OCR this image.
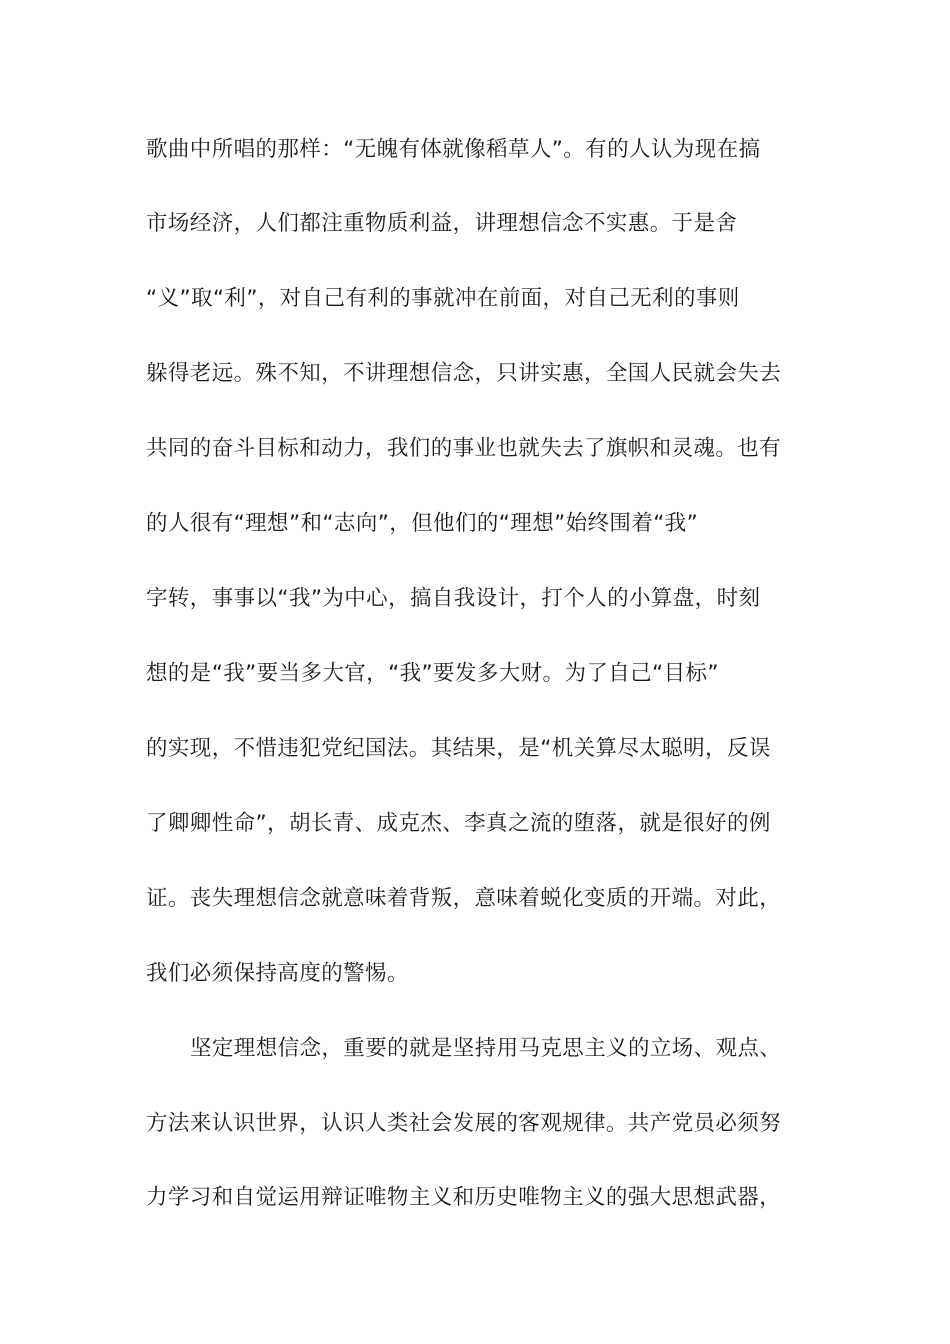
歌曲中所唱的那样：“无魄有体就像稻草人”。有的人认为现在搞
市场经济，人们都注重物质利益，讲理想信念不实惠。于是舍
“义”取“利”，对自己有利的事就冲在前面，对自己无利的事则
躲得老远。殊不知，不讲理想信念，只讲实惠，全国人民就会失去
共同的奋斗目标和动力，我们的事业也就失去了旗帜和灵魂。也有
的人很有“理想”和“志向”，但他们的“理想”始终围着“我”
字转，事事以“我”为中心，搞自我设计，打个人的小算盘，时刻
想的是“我”要当多大官，“我”要发多大财。为了自己“目标”
的实现，不惜违犯党纪国法。其结果，是“机关算尽太聪明，反误
了卿卿性命”，胡长青、成克杰、李真之流的堕落，就是很好的例
证。丧失理想信念就意味着背叛，意味着蜕化变质的开端。对此，
我们必须保持高度的警惕。
坚定理想信念，重要的就是坚持用马克思主义的立场、观点、
方法来认识世界，认识人类社会发展的客观规律。共产党员必须努
力学习和自觉运用辩证唯物主义和历史唯物主义的强大思想武器，
